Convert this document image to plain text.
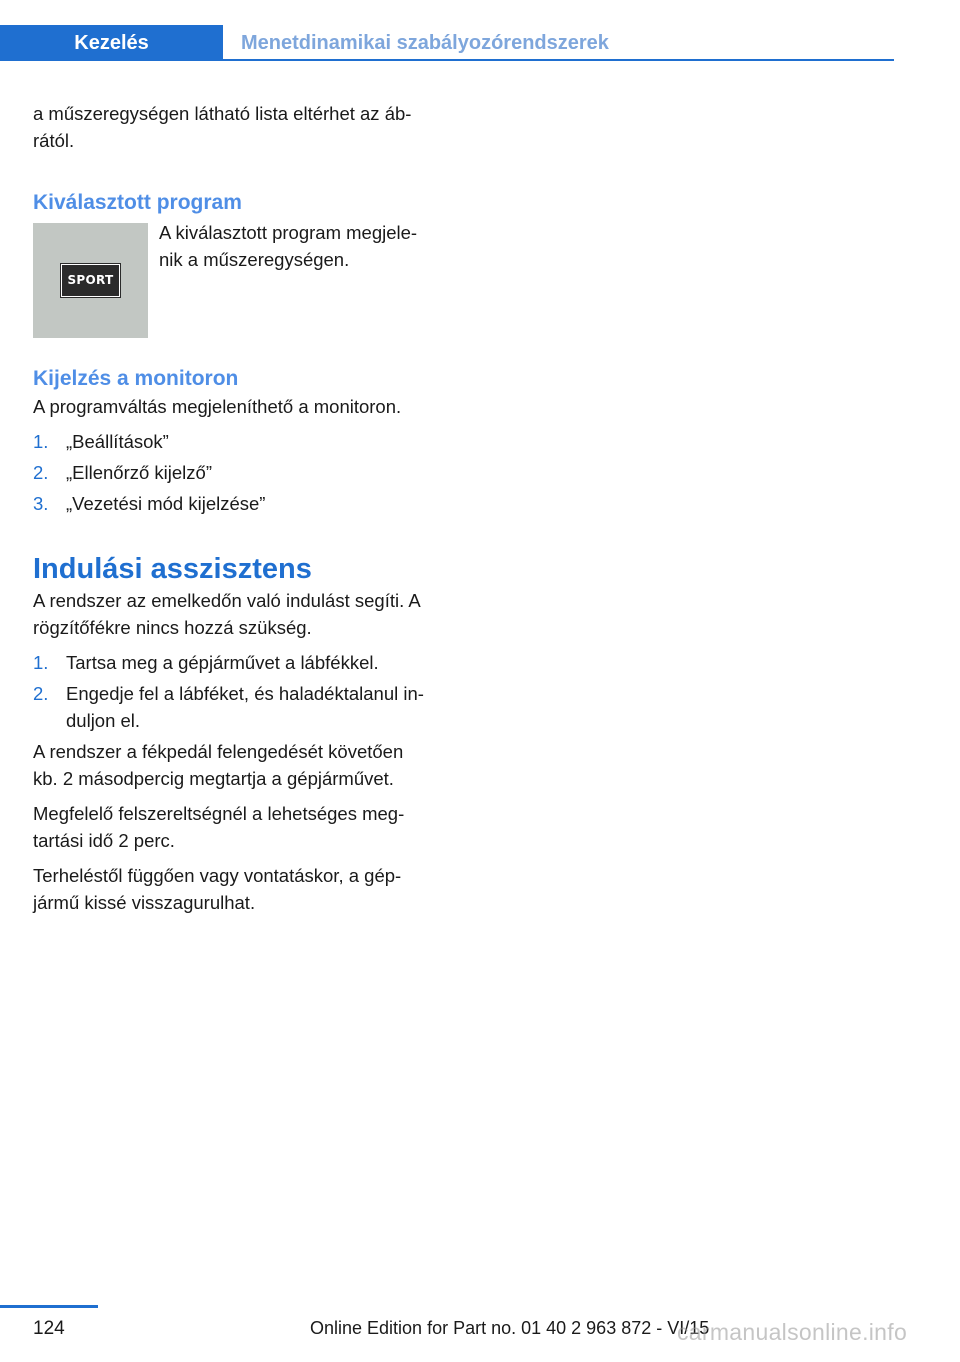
Kezelés	Menetdinamikai szabályozórendszerek

a műszeregységen látható lista eltérhet az áb‐
rától.

Kiválasztott program
SPORT

A kiválasztott program megjele‐
nik a műszeregységen.

Kijelzés a monitoron

A programváltás megjeleníthető a monitoron.

1. „Beállítások”
2. „Ellenőrző kijelző”
3. „Vezetési mód kijelzése”
Indulási asszisztens

A rendszer az emelkedőn való indulást segíti. A
rögzítőfékre nincs hozzá szükség.

1. Tartsa meg a gépjárművet a lábfékkel.
2. Engedje fel a lábféket, és haladéktalanul in‐
duljon el.

A rendszer a fékpedál felengedését követően
kb. 2 másodpercig megtartja a gépjárművet.

Megfelelő felszereltségnél a lehetséges meg‐
tartási idő 2 perc.

Terheléstől függően vagy vontatáskor, a gép‐
jármű kissé visszagurulhat.

124	Online Edition for Part no. 01 40 2 963 872 - VI/15
carmanualsonline.info
